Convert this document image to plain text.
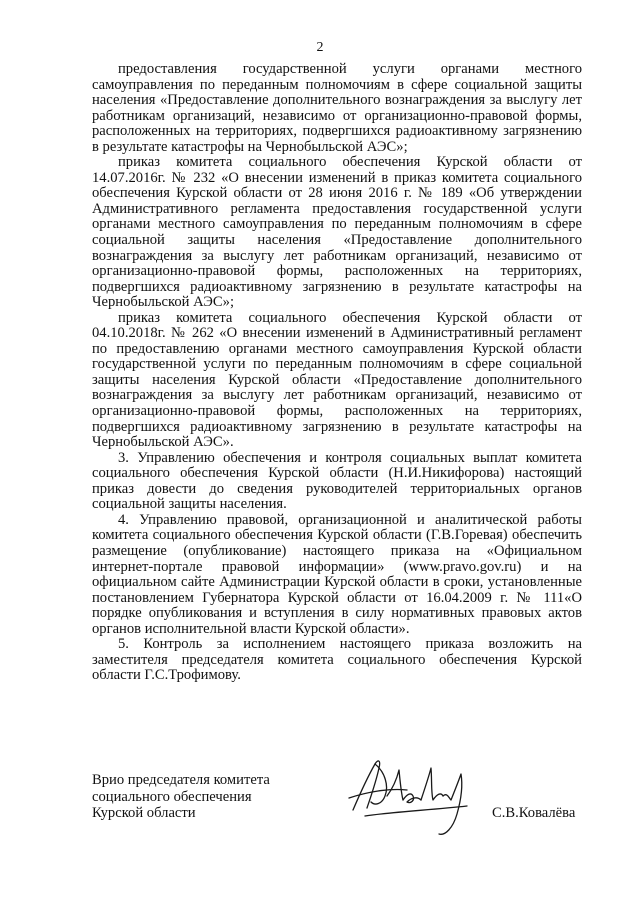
2

предоставления государственной услуги органами местного самоуправления по переданным полномочиям в сфере социальной защиты населения «Предоставление дополнительного вознаграждения за выслугу лет работникам организаций, независимо от организационно-правовой формы, расположенных на территориях, подвергшихся радиоактивному загрязнению в результате катастрофы на Чернобыльской АЭС»;

приказ комитета социального обеспечения Курской области от 14.07.2016г. № 232 «О внесении изменений в приказ комитета социального обеспечения Курской области от 28 июня 2016 г. № 189 «Об утверждении Административного регламента предоставления государственной услуги органами местного самоуправления по переданным полномочиям в сфере социальной защиты населения «Предоставление дополнительного вознаграждения за выслугу лет работникам организаций, независимо от организационно-правовой формы, расположенных на территориях, подвергшихся радиоактивному загрязнению в результате катастрофы на Чернобыльской АЭС»;

приказ комитета социального обеспечения Курской области от 04.10.2018г. № 262 «О внесении изменений в Административный регламент по предоставлению органами местного самоуправления Курской области государственной услуги по переданным полномочиям в сфере социальной защиты населения Курской области «Предоставление дополнительного вознаграждения за выслугу лет работникам организаций, независимо от организационно-правовой формы, расположенных на территориях, подвергшихся радиоактивному загрязнению в результате катастрофы на Чернобыльской АЭС».

3. Управлению обеспечения и контроля социальных выплат комитета социального обеспечения Курской области (Н.И.Никифорова) настоящий приказ довести до сведения руководителей территориальных органов социальной защиты населения.

4. Управлению правовой, организационной и аналитической работы комитета социального обеспечения Курской области (Г.В.Горевая) обеспечить размещение (опубликование) настоящего приказа на «Официальном интернет-портале правовой информации» (www.pravo.gov.ru) и на официальном сайте Администрации Курской области в сроки, установленные постановлением Губернатора Курской области от 16.04.2009 г. № 111«О порядке опубликования и вступления в силу нормативных правовых актов органов исполнительной власти Курской области».

5. Контроль за исполнением настоящего приказа возложить на заместителя председателя комитета социального обеспечения Курской области Г.С.Трофимову.

Врио председателя комитета
социального обеспечения
Курской области	С.В.Ковалёва
